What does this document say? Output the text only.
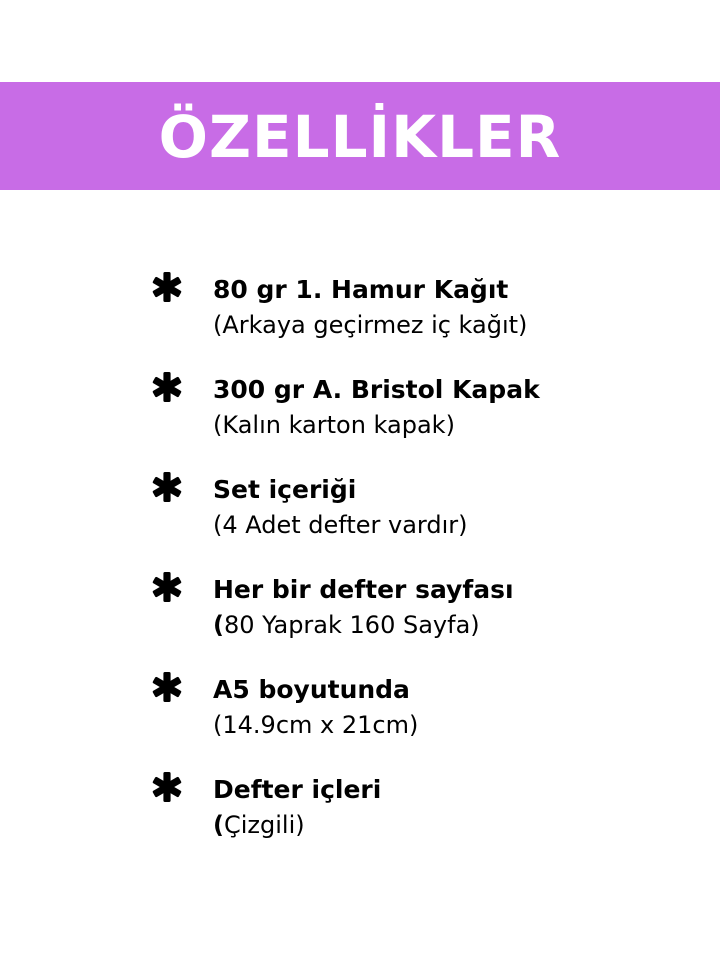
ÖZELLİKLER
80 gr 1. Hamur Kağıt
(Arkaya geçirmez iç kağıt)
300 gr A. Bristol Kapak
(Kalın karton kapak)
Set içeriği
(4 Adet defter vardır)
Her bir defter sayfası
(80 Yaprak 160 Sayfa)
A5 boyutunda
(14.9cm x 21cm)
Defter içleri
(Çizgili)
